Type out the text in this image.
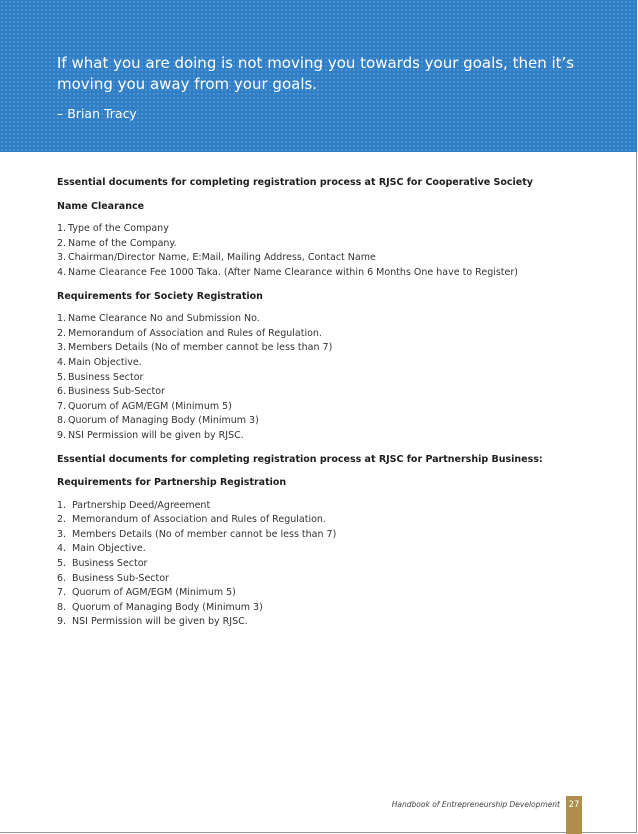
If what you are doing is not moving you towards your goals, then it’s moving you away from your goals.
– Brian Tracy
Essential documents for completing registration process at RJSC for Cooperative Society
Name Clearance
1. Type of the Company
2. Name of the Company.
3. Chairman/Director Name, E:Mail, Mailing Address, Contact Name
4. Name Clearance Fee 1000 Taka. (After Name Clearance within 6 Months One have to Register)
Requirements for Society Registration
1. Name Clearance No and Submission No.
2. Memorandum of Association and Rules of Regulation.
3. Members Details (No of member cannot be less than 7)
4. Main Objective.
5. Business Sector
6. Business Sub-Sector
7. Quorum of AGM/EGM (Minimum 5)
8. Quorum of Managing Body (Minimum 3)
9. NSI Permission will be given by RJSC.
Essential documents for completing registration process at RJSC for Partnership Business:
Requirements for Partnership Registration
1. Partnership Deed/Agreement
2. Memorandum of Association and Rules of Regulation.
3. Members Details (No of member cannot be less than 7)
4. Main Objective.
5. Business Sector
6. Business Sub-Sector
7. Quorum of AGM/EGM (Minimum 5)
8. Quorum of Managing Body (Minimum 3)
9. NSI Permission will be given by RJSC.
Handbook of Entrepreneurship Development	27
